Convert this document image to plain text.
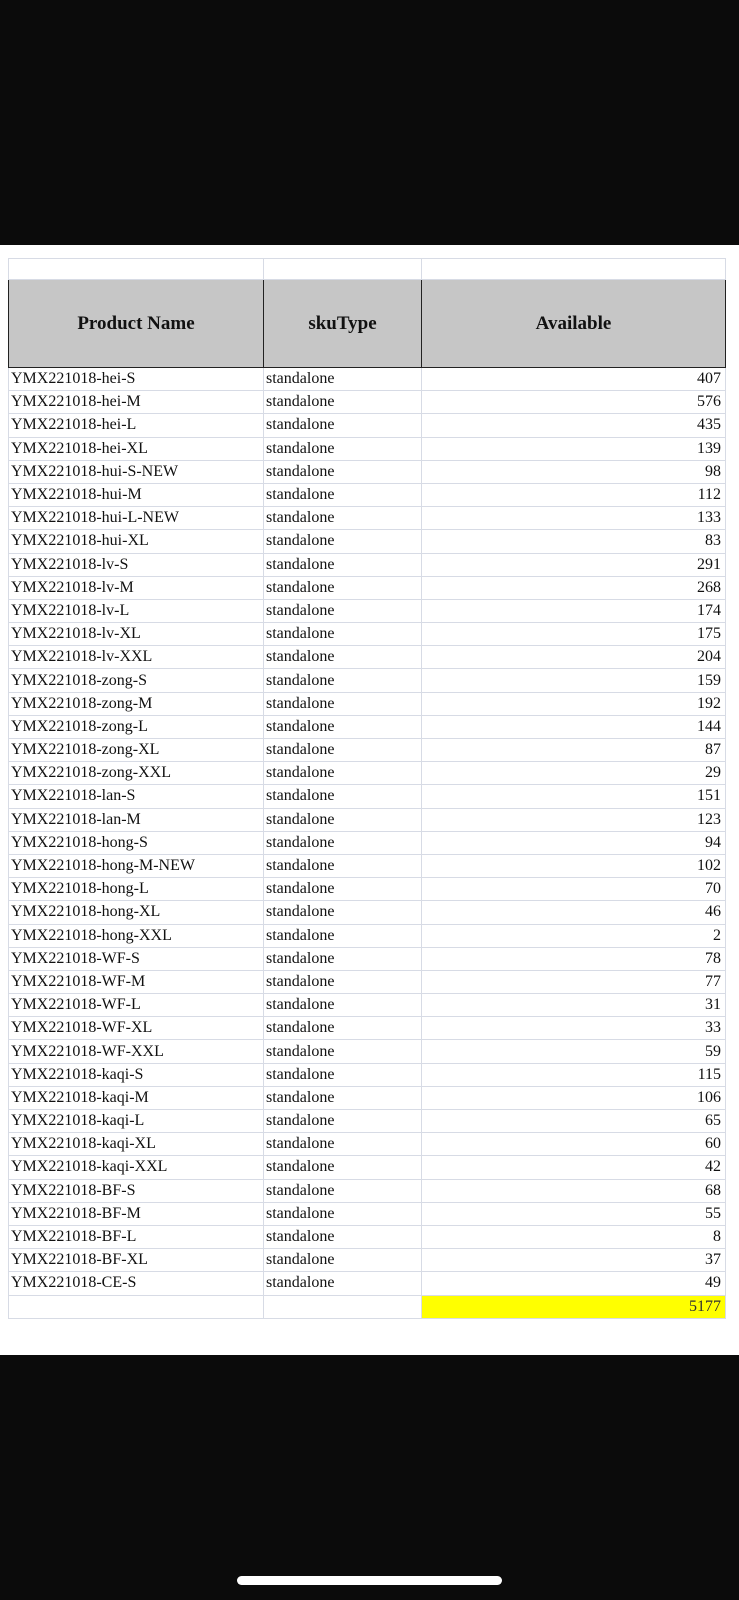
Product Name	skuType	Available
YMX221018-hei-S	standalone	407
YMX221018-hei-M	standalone	576
YMX221018-hei-L	standalone	435
YMX221018-hei-XL	standalone	139
YMX221018-hui-S-NEW	standalone	98
YMX221018-hui-M	standalone	112
YMX221018-hui-L-NEW	standalone	133
YMX221018-hui-XL	standalone	83
YMX221018-lv-S	standalone	291
YMX221018-lv-M	standalone	268
YMX221018-lv-L	standalone	174
YMX221018-lv-XL	standalone	175
YMX221018-lv-XXL	standalone	204
YMX221018-zong-S	standalone	159
YMX221018-zong-M	standalone	192
YMX221018-zong-L	standalone	144
YMX221018-zong-XL	standalone	87
YMX221018-zong-XXL	standalone	29
YMX221018-lan-S	standalone	151
YMX221018-lan-M	standalone	123
YMX221018-hong-S	standalone	94
YMX221018-hong-M-NEW	standalone	102
YMX221018-hong-L	standalone	70
YMX221018-hong-XL	standalone	46
YMX221018-hong-XXL	standalone	2
YMX221018-WF-S	standalone	78
YMX221018-WF-M	standalone	77
YMX221018-WF-L	standalone	31
YMX221018-WF-XL	standalone	33
YMX221018-WF-XXL	standalone	59
YMX221018-kaqi-S	standalone	115
YMX221018-kaqi-M	standalone	106
YMX221018-kaqi-L	standalone	65
YMX221018-kaqi-XL	standalone	60
YMX221018-kaqi-XXL	standalone	42
YMX221018-BF-S	standalone	68
YMX221018-BF-M	standalone	55
YMX221018-BF-L	standalone	8
YMX221018-BF-XL	standalone	37
YMX221018-CE-S	standalone	49
		5177
